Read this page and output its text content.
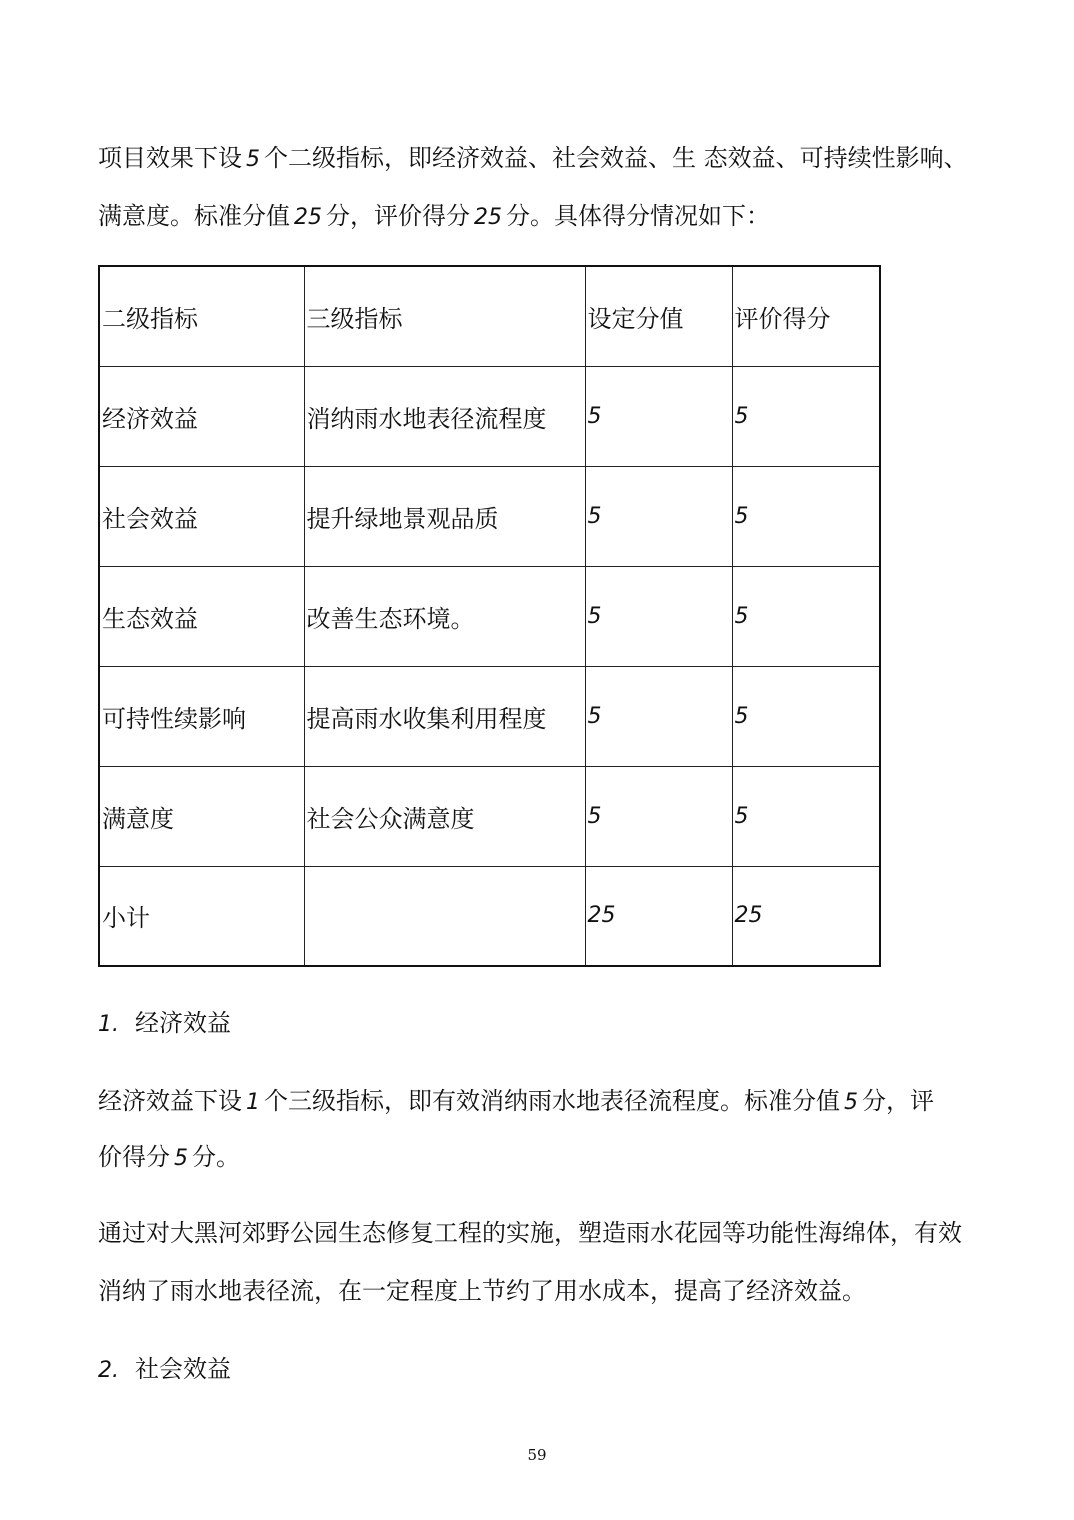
项目效果下设 5 个二级指标，即经济效益、社会效益、生 态效益、可持续性影响、
满意度。标准分值 25 分，评价得分 25 分。具体得分情况如下：
二级指标	三级指标	设定分值	评价得分
经济效益	消纳雨水地表径流程度	5	5
社会效益	提升绿地景观品质	5	5
生态效益	改善生态环境。	5	5
可持性续影响	提高雨水收集利用程度	5	5
满意度	社会公众满意度	5	5
小计		25	25
1. 经济效益
经济效益下设 1 个三级指标，即有效消纳雨水地表径流程度。标准分值 5 分，评
价得分 5 分。
通过对大黑河郊野公园生态修复工程的实施，塑造雨水花园等功能性海绵体，有效
消纳了雨水地表径流，在一定程度上节约了用水成本，提高了经济效益。
2. 社会效益
59
